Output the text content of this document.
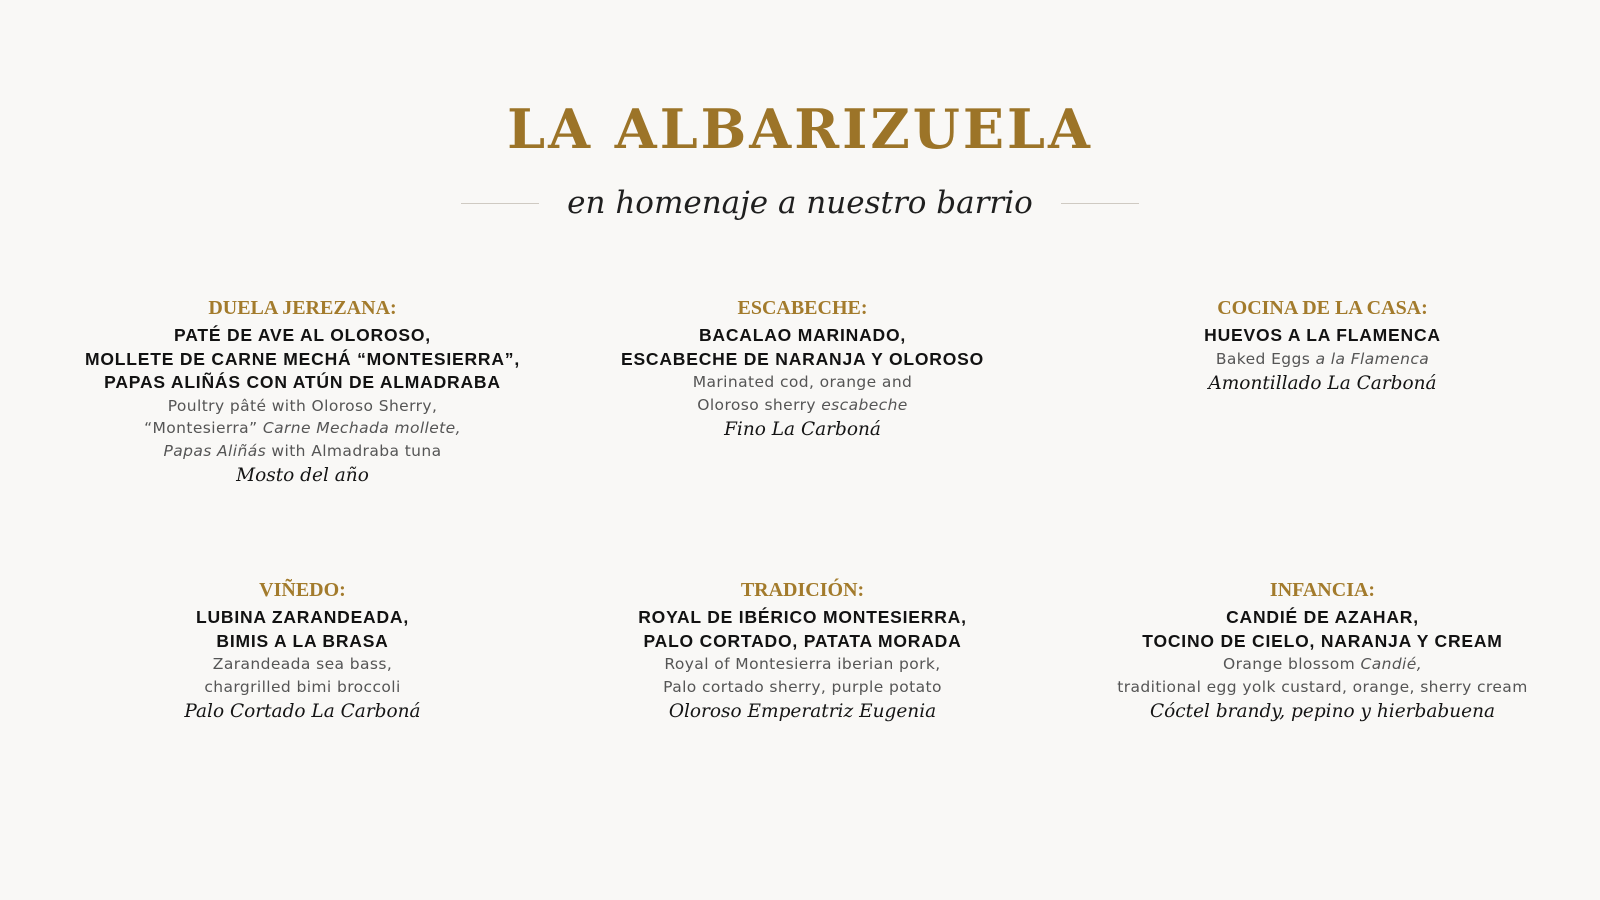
LA ALBARIZUELA
en homenaje a nuestro barrio
DUELA JEREZANA:
PATÉ DE AVE AL OLOROSO,
MOLLETE DE CARNE MECHÁ “MONTESIERRA”,
PAPAS ALIÑÁS CON ATÚN DE ALMADRABA
Poultry pâté with Oloroso Sherry,
“Montesierra” Carne Mechada mollete,
Papas Aliñás with Almadraba tuna
Mosto del año
ESCABECHE:
BACALAO MARINADO,
ESCABECHE DE NARANJA Y OLOROSO
Marinated cod, orange and
Oloroso sherry escabeche
Fino La Carboná
COCINA DE LA CASA:
HUEVOS A LA FLAMENCA
Baked Eggs a la Flamenca
Amontillado La Carboná
VIÑEDO:
LUBINA ZARANDEADA,
BIMIS A LA BRASA
Zarandeada sea bass,
chargrilled bimi broccoli
Palo Cortado La Carboná
TRADICIÓN:
ROYAL DE IBÉRICO MONTESIERRA,
PALO CORTADO, PATATA MORADA
Royal of Montesierra iberian pork,
Palo cortado sherry, purple potato
Oloroso Emperatriz Eugenia
INFANCIA:
CANDIÉ DE AZAHAR,
TOCINO DE CIELO, NARANJA Y CREAM
Orange blossom Candié,
traditional egg yolk custard, orange, sherry cream
Cóctel brandy, pepino y hierbabuena
